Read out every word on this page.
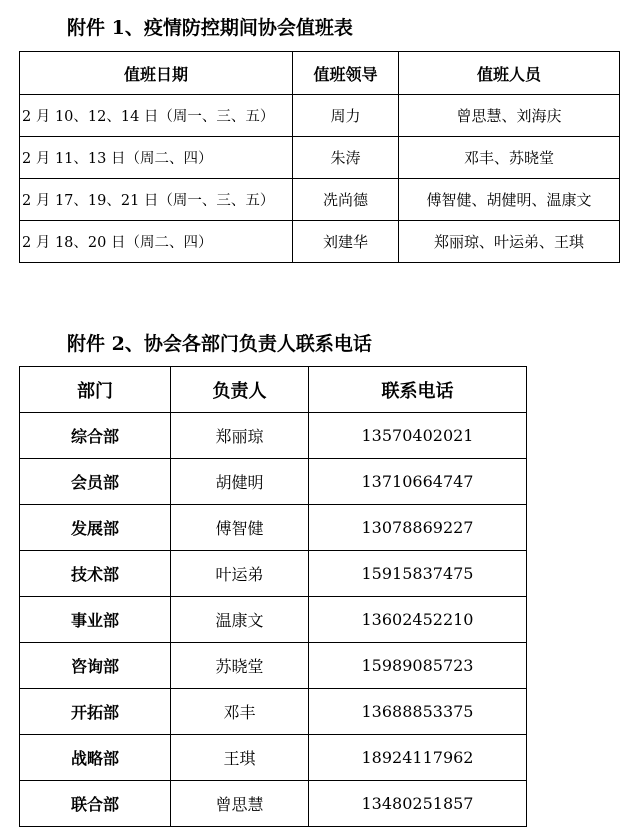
附件 1、疫情防控期间协会值班表
值班日期	值班领导	值班人员
2 月 10、12、14 日（周一、三、五）	周力	曾思慧、刘海庆
2 月 11、13 日（周二、四）	朱涛	邓丰、苏晓堂
2 月 17、19、21 日（周一、三、五）	冼尚德	傅智健、胡健明、温康文
2 月 18、20 日（周二、四）	刘建华	郑丽琼、叶运弟、王琪
附件 2、协会各部门负责人联系电话
部门	负责人	联系电话
综合部	郑丽琼	13570402021
会员部	胡健明	13710664747
发展部	傅智健	13078869227
技术部	叶运弟	15915837475
事业部	温康文	13602452210
咨询部	苏晓堂	15989085723
开拓部	邓丰	13688853375
战略部	王琪	18924117962
联合部	曾思慧	13480251857
